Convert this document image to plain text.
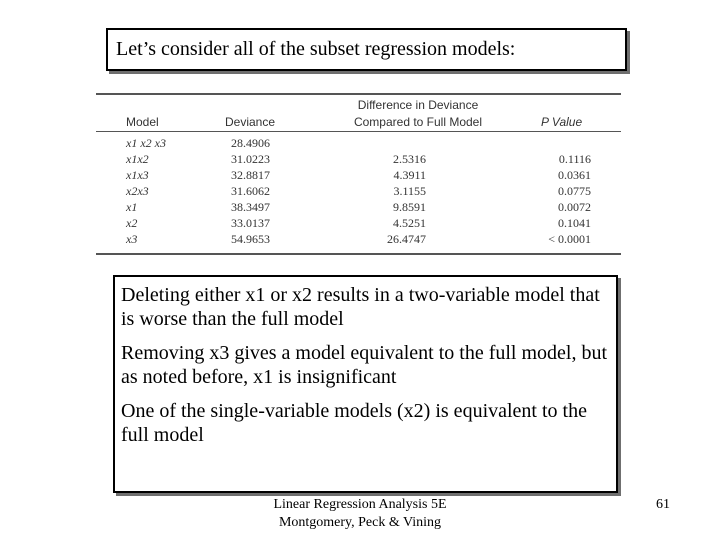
Let’s consider all of the subset regression models:
Model	Deviance
Difference in Deviance
Compared to Full Model	P Value
x1 x2 x3	28.4906
x1x2	31.0223	2.5316	0.1116
x1x3	32.8817	4.3911	0.0361
x2x3	31.6062	3.1155	0.0775
x1	38.3497	9.8591	0.0072
x2	33.0137	4.5251	0.1041
x3	54.9653	26.4747	< 0.0001

Deleting either x1 or x2 results in a two-variable model that is worse than the full model

Removing x3 gives a model equivalent to the full model, but as noted before, x1 is insignificant

One of the single-variable models (x2) is equivalent to the full model

Linear Regression Analysis 5E
Montgomery, Peck & Vining
61
